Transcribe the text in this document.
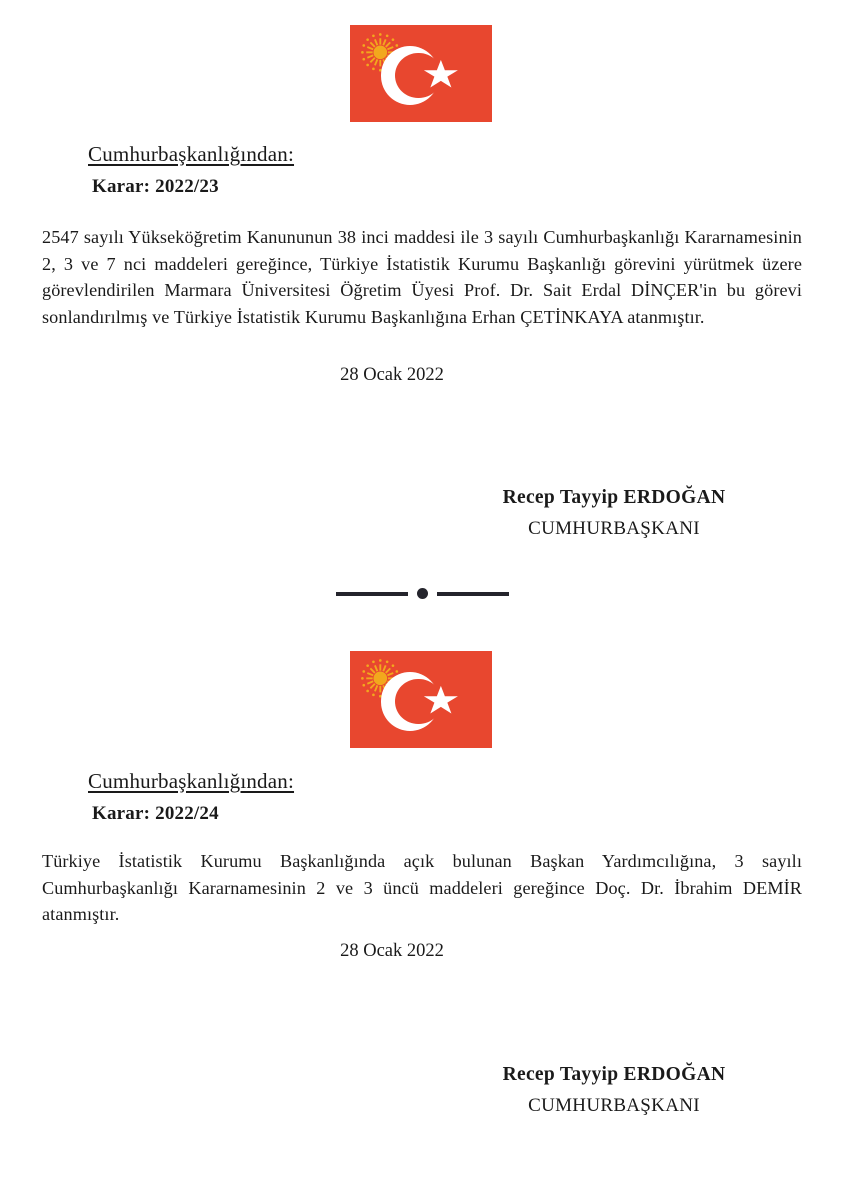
Cumhurbaşkanlığından:
Karar: 2022/23
2547 sayılı Yükseköğretim Kanununun 38 inci maddesi ile 3 sayılı Cumhurbaşkanlığı Kararnamesinin 2, 3 ve 7 nci maddeleri gereğince, Türkiye İstatistik Kurumu Başkanlığı görevini yürütmek üzere görevlendirilen Marmara Üniversitesi Öğretim Üyesi Prof. Dr. Sait Erdal DİNÇER'in bu görevi sonlandırılmış ve Türkiye İstatistik Kurumu Başkanlığına Erhan ÇETİNKAYA atanmıştır.
28 Ocak 2022
Recep Tayyip ERDOĞAN
CUMHURBAŞKANI
Cumhurbaşkanlığından:
Karar: 2022/24
Türkiye İstatistik Kurumu Başkanlığında açık bulunan Başkan Yardımcılığına, 3 sayılı Cumhurbaşkanlığı Kararnamesinin 2 ve 3 üncü maddeleri gereğince Doç. Dr. İbrahim DEMİR atanmıştır.
28 Ocak 2022
Recep Tayyip ERDOĞAN
CUMHURBAŞKANI
